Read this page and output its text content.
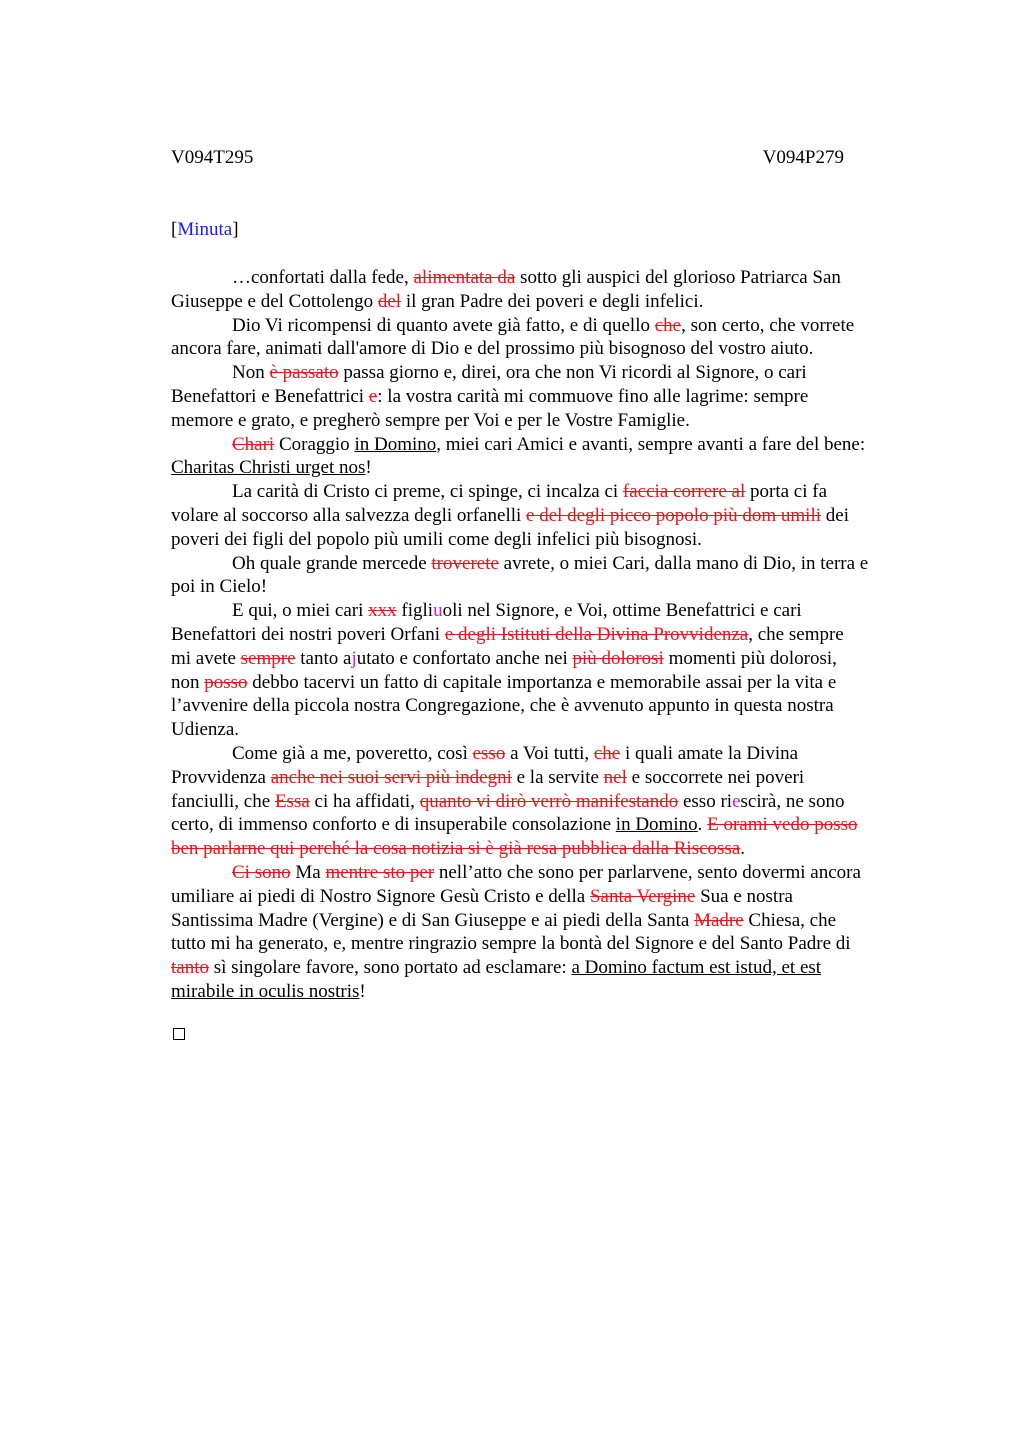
V094T295	V094P279
[Minuta]

…confortati dalla fede, alimentata da sotto gli auspici del glorioso Patriarca San

Giuseppe e del Cottolengo del il gran Padre dei poveri e degli infelici.

Dio Vi ricompensi di quanto avete già fatto, e di quello che, son certo, che vorrete

ancora fare, animati dall'amore di Dio e del prossimo più bisognoso del vostro aiuto.

Non è passato passa giorno e, direi, ora che non Vi ricordi al Signore, o cari

Benefattori e Benefattrici e: la vostra carità mi commuove fino alle lagrime: sempre

memore e grato, e pregherò sempre per Voi e per le Vostre Famiglie.

Chari Coraggio in Domino, miei cari Amici e avanti, sempre avanti a fare del bene:

Charitas Christi urget nos!

La carità di Cristo ci preme, ci spinge, ci incalza ci faccia correre al porta ci fa

volare al soccorso alla salvezza degli orfanelli e del degli picco popolo più dom umili dei

poveri dei figli del popolo più umili come degli infelici più bisognosi.

Oh quale grande mercede troverete avrete, o miei Cari, dalla mano di Dio, in terra e

poi in Cielo!

E qui, o miei cari xxx figliuoli nel Signore, e Voi, ottime Benefattrici e cari

Benefattori dei nostri poveri Orfani e degli Istituti della Divina Provvidenza, che sempre

mi avete sempre tanto ajutato e confortato anche nei più dolorosi momenti più dolorosi,

non posso debbo tacervi un fatto di capitale importanza e memorabile assai per la vita e

l’avvenire della piccola nostra Congregazione, che è avvenuto appunto in questa nostra

Udienza.

Come già a me, poveretto, così esso a Voi tutti, che i quali amate la Divina

Provvidenza anche nei suoi servi più indegni e la servite nel e soccorrete nei poveri

fanciulli, che Essa ci ha affidati, quanto vi dirò verrò manifestando esso riescirà, ne sono

certo, di immenso conforto e di insuperabile consolazione in Domino. E orami vedo posso

ben parlarne qui perché la cosa notizia si è già resa pubblica dalla Riscossa.

Ci sono Ma mentre sto per nell’atto che sono per parlarvene, sento dovermi ancora

umiliare ai piedi di Nostro Signore Gesù Cristo e della Santa Vergine Sua e nostra

Santissima Madre (Vergine) e di San Giuseppe e ai piedi della Santa Madre Chiesa, che

tutto mi ha generato, e, mentre ringrazio sempre la bontà del Signore e del Santo Padre di

tanto sì singolare favore, sono portato ad esclamare: a Domino factum est istud, et est

mirabile in oculis nostris!
